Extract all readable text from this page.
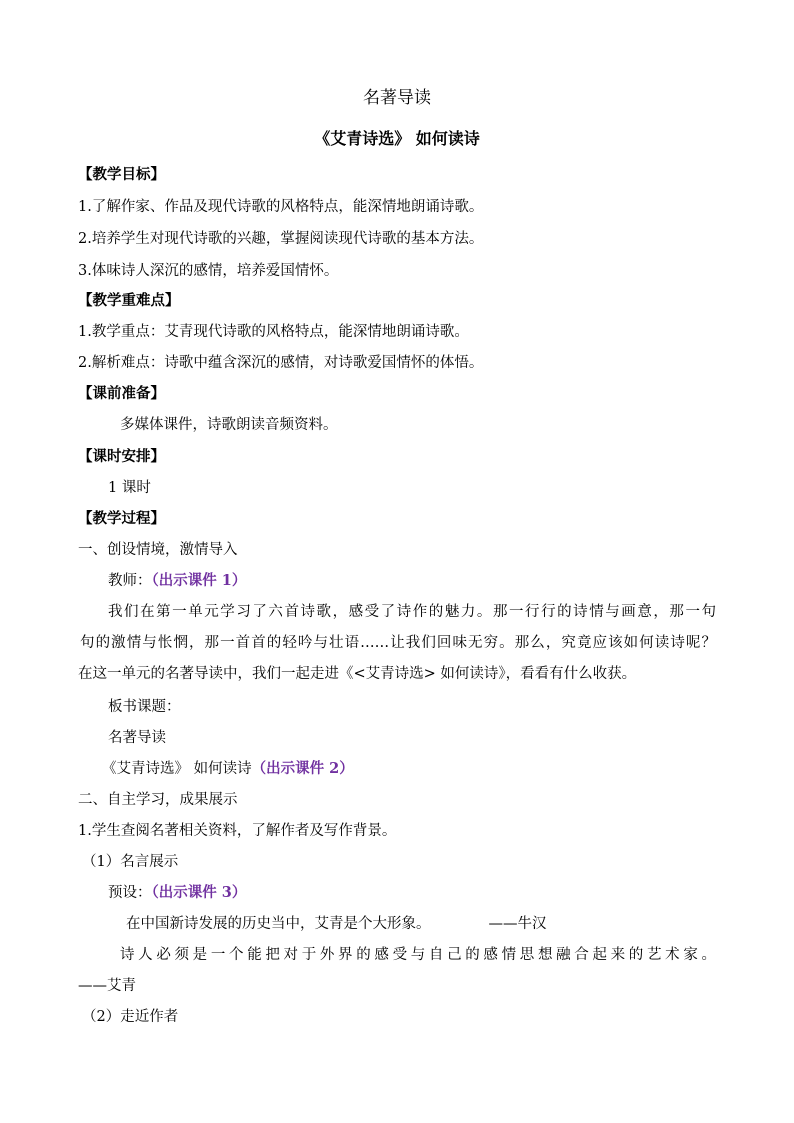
名著导读
《艾青诗选》 如何读诗
【教学目标】
1.了解作家、作品及现代诗歌的风格特点，能深情地朗诵诗歌。
2.培养学生对现代诗歌的兴趣，掌握阅读现代诗歌的基本方法。
3.体味诗人深沉的感情，培养爱国情怀。
【教学重难点】
1.教学重点：艾青现代诗歌的风格特点，能深情地朗诵诗歌。
2.解析难点：诗歌中蕴含深沉的感情，对诗歌爱国情怀的体悟。
【课前准备】
多媒体课件，诗歌朗读音频资料。
【课时安排】
1 课时
【教学过程】
一、创设情境，激情导入
教师：（出示课件 1）
我们在第一单元学习了六首诗歌，感受了诗作的魅力。那一行行的诗情与画意，那一句
句的激情与怅惘，那一首首的轻吟与壮语……让我们回味无穷。那么，究竟应该如何读诗呢？
在这一单元的名著导读中，我们一起走进《<艾青诗选> 如何读诗》，看看有什么收获。
板书课题：
名著导读
《艾青诗选》 如何读诗（出示课件 2）
二、自主学习，成果展示
1.学生查阅名著相关资料，了解作者及写作背景。
（1）名言展示
预设：（出示课件 3）
在中国新诗发展的历史当中，艾青是个大形象。	——牛汉
诗人必须是一个能把对于外界的感受与自己的感情思想融合起来的艺术家。
——艾青
（2）走近作者
